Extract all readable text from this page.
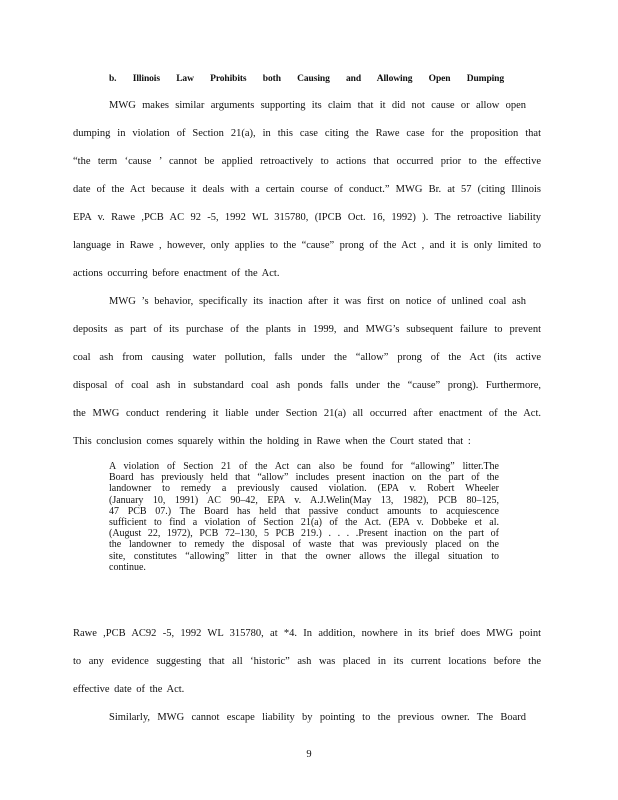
b. Illinois Law Prohibits both Causing and Allowing Open Dumping
MWG makes similar arguments supporting its claim that it did not cause or allow open
dumping in violation of Section 21(a), in this case citing the Rawe case for the proposition that
“the term ‘cause ’ cannot be applied retroactively to actions that occurred prior to the effective
date of the Act because it deals with a certain course of conduct.” MWG Br. at 57 (citing Illinois
EPA v. Rawe ,PCB AC 92 -5, 1992 WL 315780, (IPCB Oct. 16, 1992) ). The retroactive liability
language in Rawe , however, only applies to the “cause” prong of the Act , and it is only limited to
actions occurring before enactment of the Act.
MWG ’s behavior, specifically its inaction after it was first on notice of unlined coal ash
deposits as part of its purchase of the plants in 1999, and MWG’s subsequent failure to prevent
coal ash from causing water pollution, falls under the “allow” prong of the Act (its active
disposal of coal ash in substandard coal ash ponds falls under the “cause” prong). Furthermore,
the MWG conduct rendering it liable under Section 21(a) all occurred after enactment of the Act.
This conclusion comes squarely within the holding in Rawe when the Court stated that :
A violation of Section 21 of the Act can also be found for “allowing” litter.The
Board has previously held that “allow” includes present inaction on the part of the
landowner to remedy a previously caused violation. (EPA v. Robert Wheeler
(January 10, 1991) AC 90–42, EPA v. A.J.Welin(May 13, 1982), PCB 80–125,
47 PCB 07.) The Board has held that passive conduct amounts to acquiescence
sufficient to find a violation of Section 21(a) of the Act. (EPA v. Dobbeke et al.
(August 22, 1972), PCB 72–130, 5 PCB 219.) . . . .Present inaction on the part of
the landowner to remedy the disposal of waste that was previously placed on the
site, constitutes “allowing” litter in that the owner allows the illegal situation to
continue.
Rawe ,PCB AC92 -5, 1992 WL 315780, at *4. In addition, nowhere in its brief does MWG point
to any evidence suggesting that all ‘historic” ash was placed in its current locations before the
effective date of the Act.
Similarly, MWG cannot escape liability by pointing to the previous owner. The Board
9
